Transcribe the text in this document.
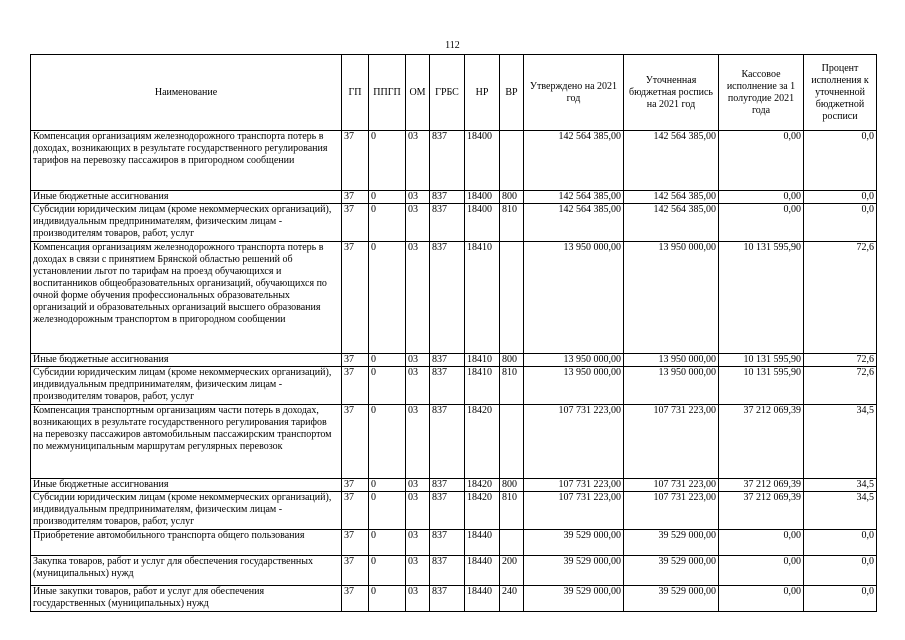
112
Наименование	ГП	ППГП	ОМ	ГРБС	НР	ВР	Утверждено на 2021 год	Уточненная бюджетная роспись на 2021 год	Кассовое исполнение за 1 полугодие 2021 года	Процент исполнения к уточненной бюджетной росписи
Компенсация организациям железнодорожного транспорта потерь в доходах, возникающих в результате государственного регулирования тарифов на перевозку пассажиров в пригородном сообщении	37	0	03	837	18400		142 564 385,00	142 564 385,00	0,00	0,0
Иные бюджетные ассигнования	37	0	03	837	18400	800	142 564 385,00	142 564 385,00	0,00	0,0
Субсидии юридическим лицам (кроме некоммерческих организаций), индивидуальным предпринимателям, физическим лицам - производителям товаров, работ, услуг	37	0	03	837	18400	810	142 564 385,00	142 564 385,00	0,00	0,0
Компенсация организациям железнодорожного транспорта потерь в доходах в связи с принятием Брянской областью решений об установлении льгот по тарифам на проезд обучающихся и воспитанников общеобразовательных организаций, обучающихся по очной форме обучения профессиональных образовательных организаций и образовательных организаций высшего образования железнодорожным транспортом в пригородном сообщении	37	0	03	837	18410		13 950 000,00	13 950 000,00	10 131 595,90	72,6
Иные бюджетные ассигнования	37	0	03	837	18410	800	13 950 000,00	13 950 000,00	10 131 595,90	72,6
Субсидии юридическим лицам (кроме некоммерческих организаций), индивидуальным предпринимателям, физическим лицам - производителям товаров, работ, услуг	37	0	03	837	18410	810	13 950 000,00	13 950 000,00	10 131 595,90	72,6
Компенсация транспортным организациям части потерь в доходах, возникающих в результате государственного регулирования тарифов на перевозку пассажиров автомобильным пассажирским транспортом по межмуниципальным маршрутам регулярных перевозок	37	0	03	837	18420		107 731 223,00	107 731 223,00	37 212 069,39	34,5
Иные бюджетные ассигнования	37	0	03	837	18420	800	107 731 223,00	107 731 223,00	37 212 069,39	34,5
Субсидии юридическим лицам (кроме некоммерческих организаций), индивидуальным предпринимателям, физическим лицам - производителям товаров, работ, услуг	37	0	03	837	18420	810	107 731 223,00	107 731 223,00	37 212 069,39	34,5
Приобретение автомобильного транспорта общего пользования	37	0	03	837	18440		39 529 000,00	39 529 000,00	0,00	0,0
Закупка товаров, работ и услуг для обеспечения государственных (муниципальных) нужд	37	0	03	837	18440	200	39 529 000,00	39 529 000,00	0,00	0,0
Иные закупки товаров, работ и услуг для обеспечения государственных (муниципальных) нужд	37	0	03	837	18440	240	39 529 000,00	39 529 000,00	0,00	0,0
